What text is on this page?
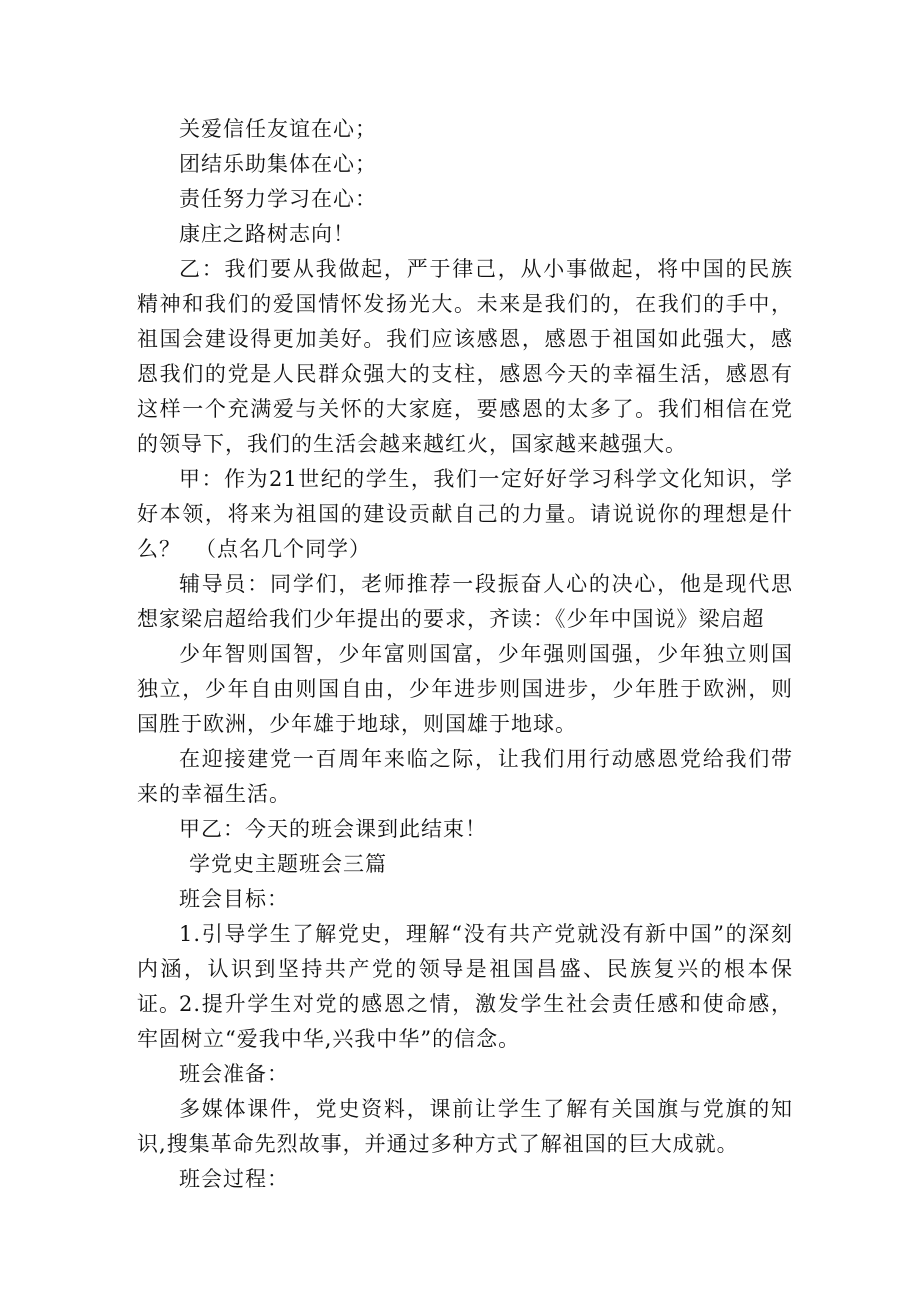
关爱信任友谊在心；

团结乐助集体在心；

责任努力学习在心：

康庄之路树志向！

乙：我们要从我做起，严于律己，从小事做起，将中国的民族精神和我们的爱国情怀发扬光大。未来是我们的，在我们的手中，祖国会建设得更加美好。我们应该感恩，感恩于祖国如此强大，感恩我们的党是人民群众强大的支柱，感恩今天的幸福生活，感恩有这样一个充满爱与关怀的大家庭，要感恩的太多了。我们相信在党的领导下，我们的生活会越来越红火，国家越来越强大。

甲：作为21世纪的学生，我们一定好好学习科学文化知识，学好本领，将来为祖国的建设贡献自己的力量。请说说你的理想是什么？ （点名几个同学）

辅导员：同学们，老师推荐一段振奋人心的决心，他是现代思想家梁启超给我们少年提出的要求，齐读：《少年中国说》梁启超

少年智则国智，少年富则国富，少年强则国强，少年独立则国独立，少年自由则国自由，少年进步则国进步，少年胜于欧洲，则国胜于欧洲，少年雄于地球，则国雄于地球。

在迎接建党一百周年来临之际，让我们用行动感恩党给我们带来的幸福生活。

甲乙：今天的班会课到此结束！

学党史主题班会三篇

班会目标：

1.引导学生了解党史，理解“没有共产党就没有新中国”的深刻内涵，认识到坚持共产党的领导是祖国昌盛、民族复兴的根本保证。

2.提升学生对党的感恩之情，激发学生社会责任感和使命感，牢固树立“爱我中华,兴我中华”的信念。

班会准备：

多媒体课件，党史资料，课前让学生了解有关国旗与党旗的知识,搜集革命先烈故事，并通过多种方式了解祖国的巨大成就。

班会过程：
